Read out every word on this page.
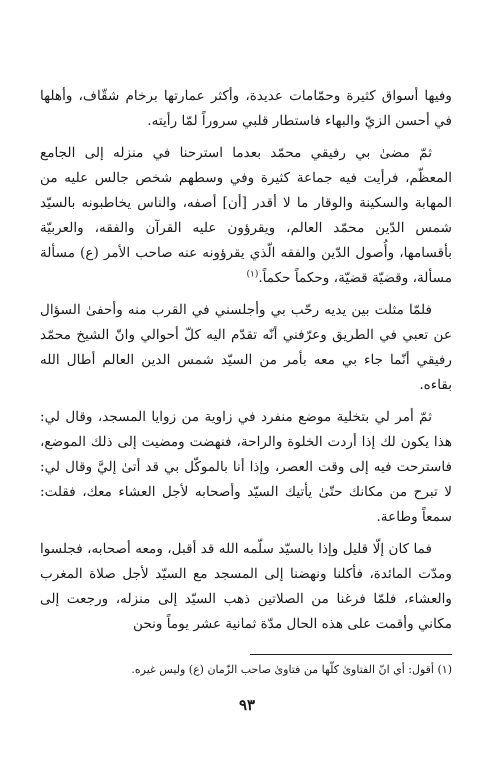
وفيها أسواق كثيرة وحمّامات عديدة، وأكثر عمارتها برخام شقّاف، وأهلها في أحسن الزيّ والبهاء فاستطار قلبي سروراً لمّا رأيته.

ثمّ مضىٰ بي رفيقي محمّد بعدما استرحنا في منزله إلى الجامع المعظّم، فرأيت فيه جماعة كثيرة وفي وسطهم شخص جالس عليه من المهابة والسكينة والوقار ما لا أقدر [أن] أصفه، والناس يخاطبونه بالسيّد شمس الدّين محمّد العالم، ويقرؤون عليه القرآن والفقه، والعربيّة بأقسامها، وأُصول الدّين والفقه الّذي يقرؤونه عنه صاحب الأمر (ع) مسألة مسألة، وقضيّة قضيّة، وحكماً حكماً.$^{(١)}$

فلمّا مثلت بين يديه رحّب بي وأجلسني في القرب منه وأحفىٰ السؤال عن تعبي في الطريق وعرّفني أنّه تقدّم اليه كلّ أحوالي وانّ الشيخ محمّد رفيقي أنّما جاء بي معه بأمر من السيّد شمس الدين العالم أطال الله بقاءه.

ثمّ أمر لي بتخلية موضع منفرد في زاوية من زوايا المسجد، وقال لي: هذا يكون لك إذا أردت الخلوة والراحة، فنهضت ومضيت إلى ذلك الموضع، فاسترحت فيه إلى وقت العصر، وإذا أنا بالموكّل بي قد أتىٰ إليَّ وقال لي: لا تبرح من مكانك حتّىٰ يأتيك السيّد وأصحابه لأجل العشاء معك، فقلت: سمعاً وطاعة.

فما كان إلّا قليل وإذا بالسيّد سلّمه الله قد أقبل، ومعه أصحابه، فجلسوا ومدّت المائدة، فأكلنا ونهضنا إلى المسجد مع السيّد لأجل صلاة المغرب والعشاء، فلمّا فرغنا من الصلاتين ذهب السيّد إلى منزله، ورجعت إلى مكاني وأقمت على هذه الحال مدّة ثمانية عشر يوماً ونحن

(١) أقول: أي انّ الفتاوىٰ كلّها من فتاوىٰ صاحب الزّمان (ع) وليس غيره.
٩٣
